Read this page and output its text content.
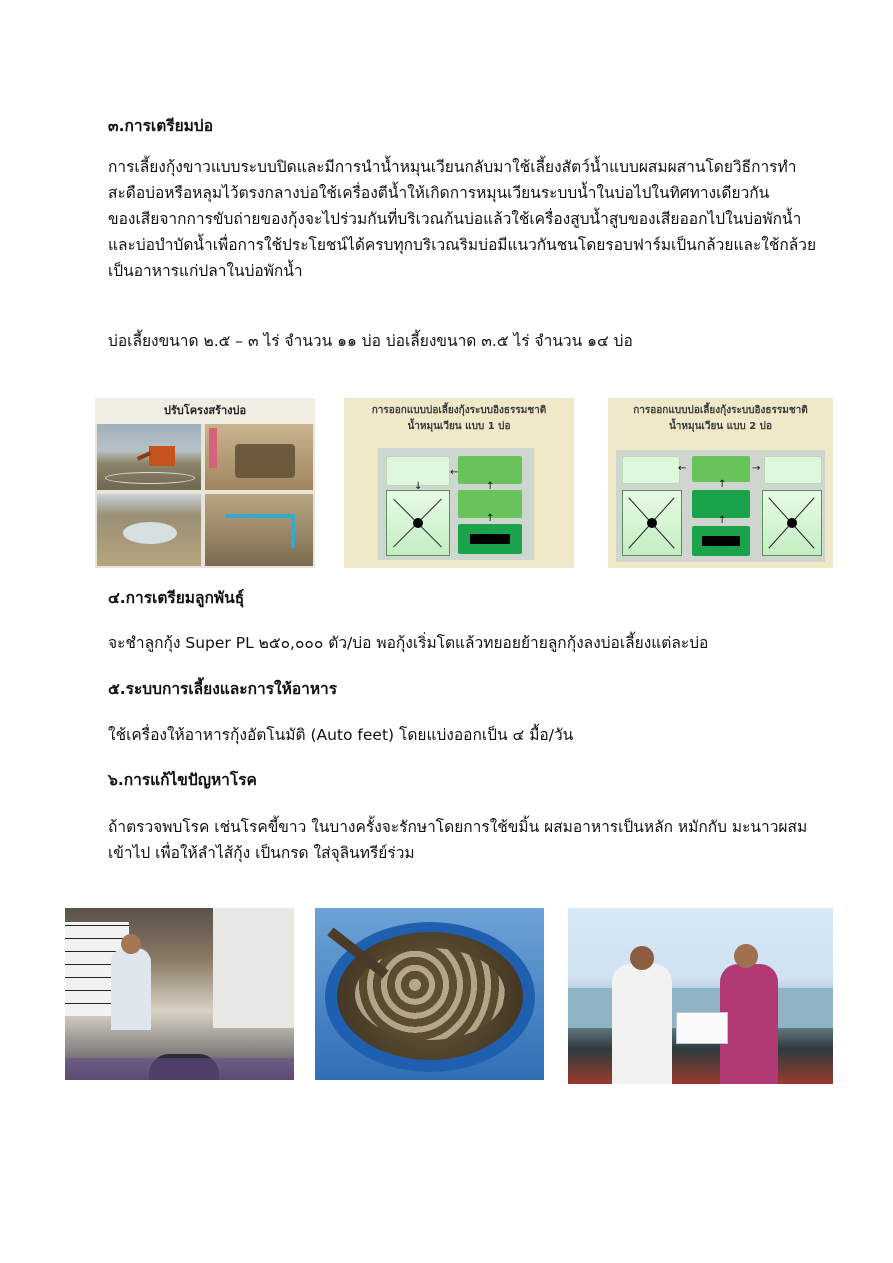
๓.การเตรียมบ่อ
การเลี้ยงกุ้งขาวแบบระบบปิดและมีการนำน้ำหมุนเวียนกลับมาใช้เลี้ยงสัตว์น้ำแบบผสมผสานโดยวิธีการทำ
สะดือบ่อหรือหลุมไว้ตรงกลางบ่อใช้เครื่องตีน้ำให้เกิดการหมุนเวียนระบบน้ำในบ่อไปในทิศทางเดียวกัน
ของเสียจากการขับถ่ายของกุ้งจะไปร่วมกันที่บริเวณก้นบ่อแล้วใช้เครื่องสูบน้ำสูบของเสียออกไปในบ่อพักน้ำ
และบ่อบำบัดน้ำเพื่อการใช้ประโยชน์ได้ครบทุกบริเวณริมบ่อมีแนวกันชนโดยรอบฟาร์มเป็นกล้วยและใช้กล้วย
เป็นอาหารแก่ปลาในบ่อพักน้ำ
บ่อเลี้ยงขนาด ๒.๕ – ๓ ไร่ จำนวน ๑๑ บ่อ บ่อเลี้ยงขนาด ๓.๕ ไร่ จำนวน ๑๔ บ่อ
ปรับโครงสร้างบ่อ	การออกแบบบ่อเลี้ยงกุ้งระบบอิงธรรมชาติ
น้ำหมุนเวียน แบบ 1 บ่อ
←
↑
↑
↓
การออกแบบบ่อเลี้ยงกุ้งระบบอิงธรรมชาติ
น้ำหมุนเวียน แบบ 2 บ่อ
←	→
↑
↑
๔.การเตรียมลูกพันธุ์
จะชำลูกกุ้ง Super PL ๒๕๐,๐๐๐ ตัว/บ่อ พอกุ้งเริ่มโตแล้วทยอยย้ายลูกกุ้งลงบ่อเลี้ยงแต่ละบ่อ
๕.ระบบการเลี้ยงและการให้อาหาร
ใช้เครื่องให้อาหารกุ้งอัตโนมัติ (Auto feet) โดยแบ่งออกเป็น ๔ มื้อ/วัน
๖.การแก้ไขปัญหาโรค
ถ้าตรวจพบโรค เช่นโรคขี้ขาว ในบางครั้งจะรักษาโดยการใช้ขมิ้น ผสมอาหารเป็นหลัก หมักกับ มะนาวผสม
เข้าไป เพื่อให้ลำไส้กุ้ง เป็นกรด ใส่จุลินทรีย์ร่วม
